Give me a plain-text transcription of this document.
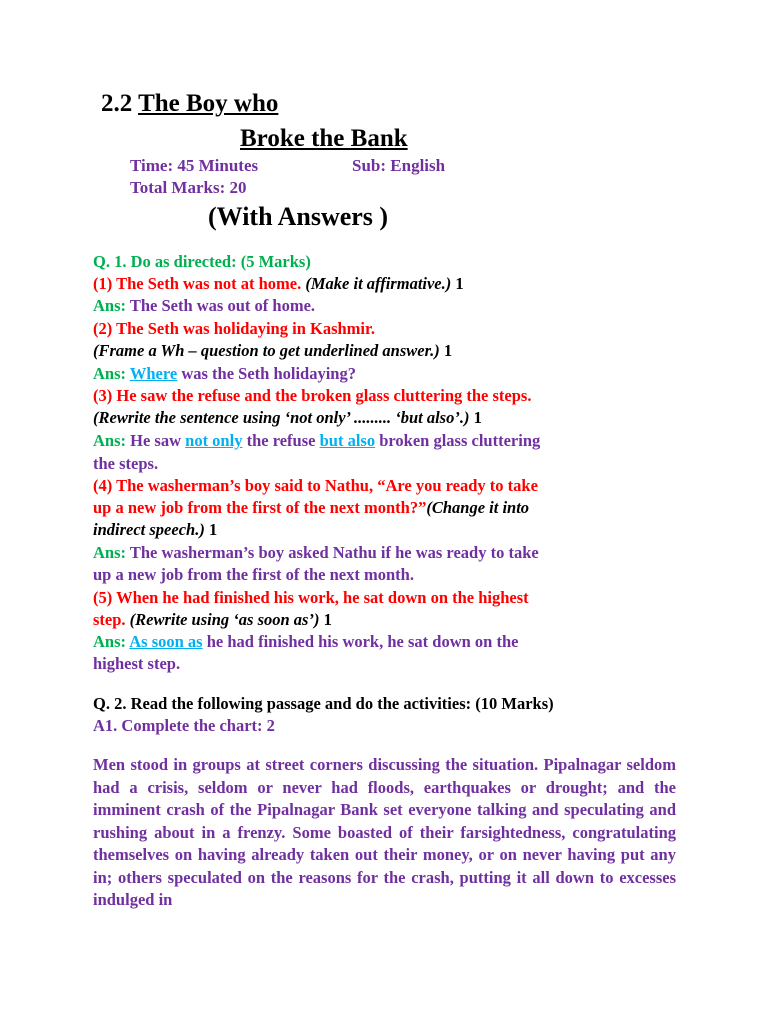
2.2 The Boy who
Broke the Bank
Time: 45 Minutes	Sub: English
Total Marks: 20
(With Answers )
Q. 1. Do as directed: (5 Marks)
(1) The Seth was not at home. (Make it affirmative.) 1
Ans: The Seth was out of home.
(2) The Seth was holidaying in Kashmir.
(Frame a Wh – question to get underlined answer.) 1
Ans: Where was the Seth holidaying?
(3) He saw the refuse and the broken glass cluttering the steps.
(Rewrite the sentence using ‘not only’ ......... ‘but also’.) 1
Ans: He saw not only the refuse but also broken glass cluttering
the steps.
(4) The washerman’s boy said to Nathu, “Are you ready to take
up a new job from the first of the next month?”(Change it into
indirect speech.) 1
Ans: The washerman’s boy asked Nathu if he was ready to take
up a new job from the first of the next month.
(5) When he had finished his work, he sat down on the highest
step. (Rewrite using ‘as soon as’) 1
Ans: As soon as he had finished his work, he sat down on the
highest step.
Q. 2. Read the following passage and do the activities: (10 Marks)
A1. Complete the chart: 2
Men stood in groups at street corners discussing the situation. Pipalnagar seldom had a crisis, seldom or never had floods, earthquakes or drought; and the imminent crash of the Pipalnagar Bank set everyone talking and speculating and rushing about in a frenzy. Some boasted of their farsightedness, congratulating themselves on having already taken out their money, or on never having put any in; others speculated on the reasons for the crash, putting it all down to excesses indulged in
